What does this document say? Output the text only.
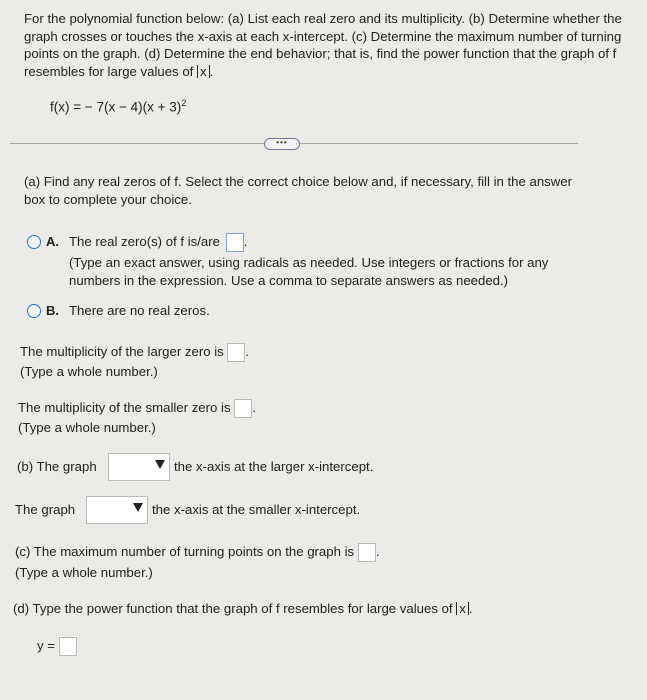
For the polynomial function below: (a) List each real zero and its multiplicity. (b) Determine whether the graph crosses or touches the x-axis at each x-intercept. (c) Determine the maximum number of turning points on the graph. (d) Determine the end behavior; that is, find the power function that the graph of f resembles for large values of x .
f(x) = − $7(x - 4)(x + 3)^2$
•••
(a) Find any real zeros of f. Select the correct choice below and, if necessary, fill in the answer box to complete your choice.
A. The real zero(s) of f is/are .
(Type an exact answer, using radicals as needed. Use integers or fractions for any numbers in the expression. Use a comma to separate answers as needed.)
B. There are no real zeros.
The multiplicity of the larger zero is .
(Type a whole number.)
The multiplicity of the smaller zero is .
(Type a whole number.)
(b) The graph	the x-axis at the larger x-intercept.
The graph	the x-axis at the smaller x-intercept.
(c) The maximum number of turning points on the graph is .
(Type a whole number.)
(d) Type the power function that the graph of f resembles for large values of x .
y =
